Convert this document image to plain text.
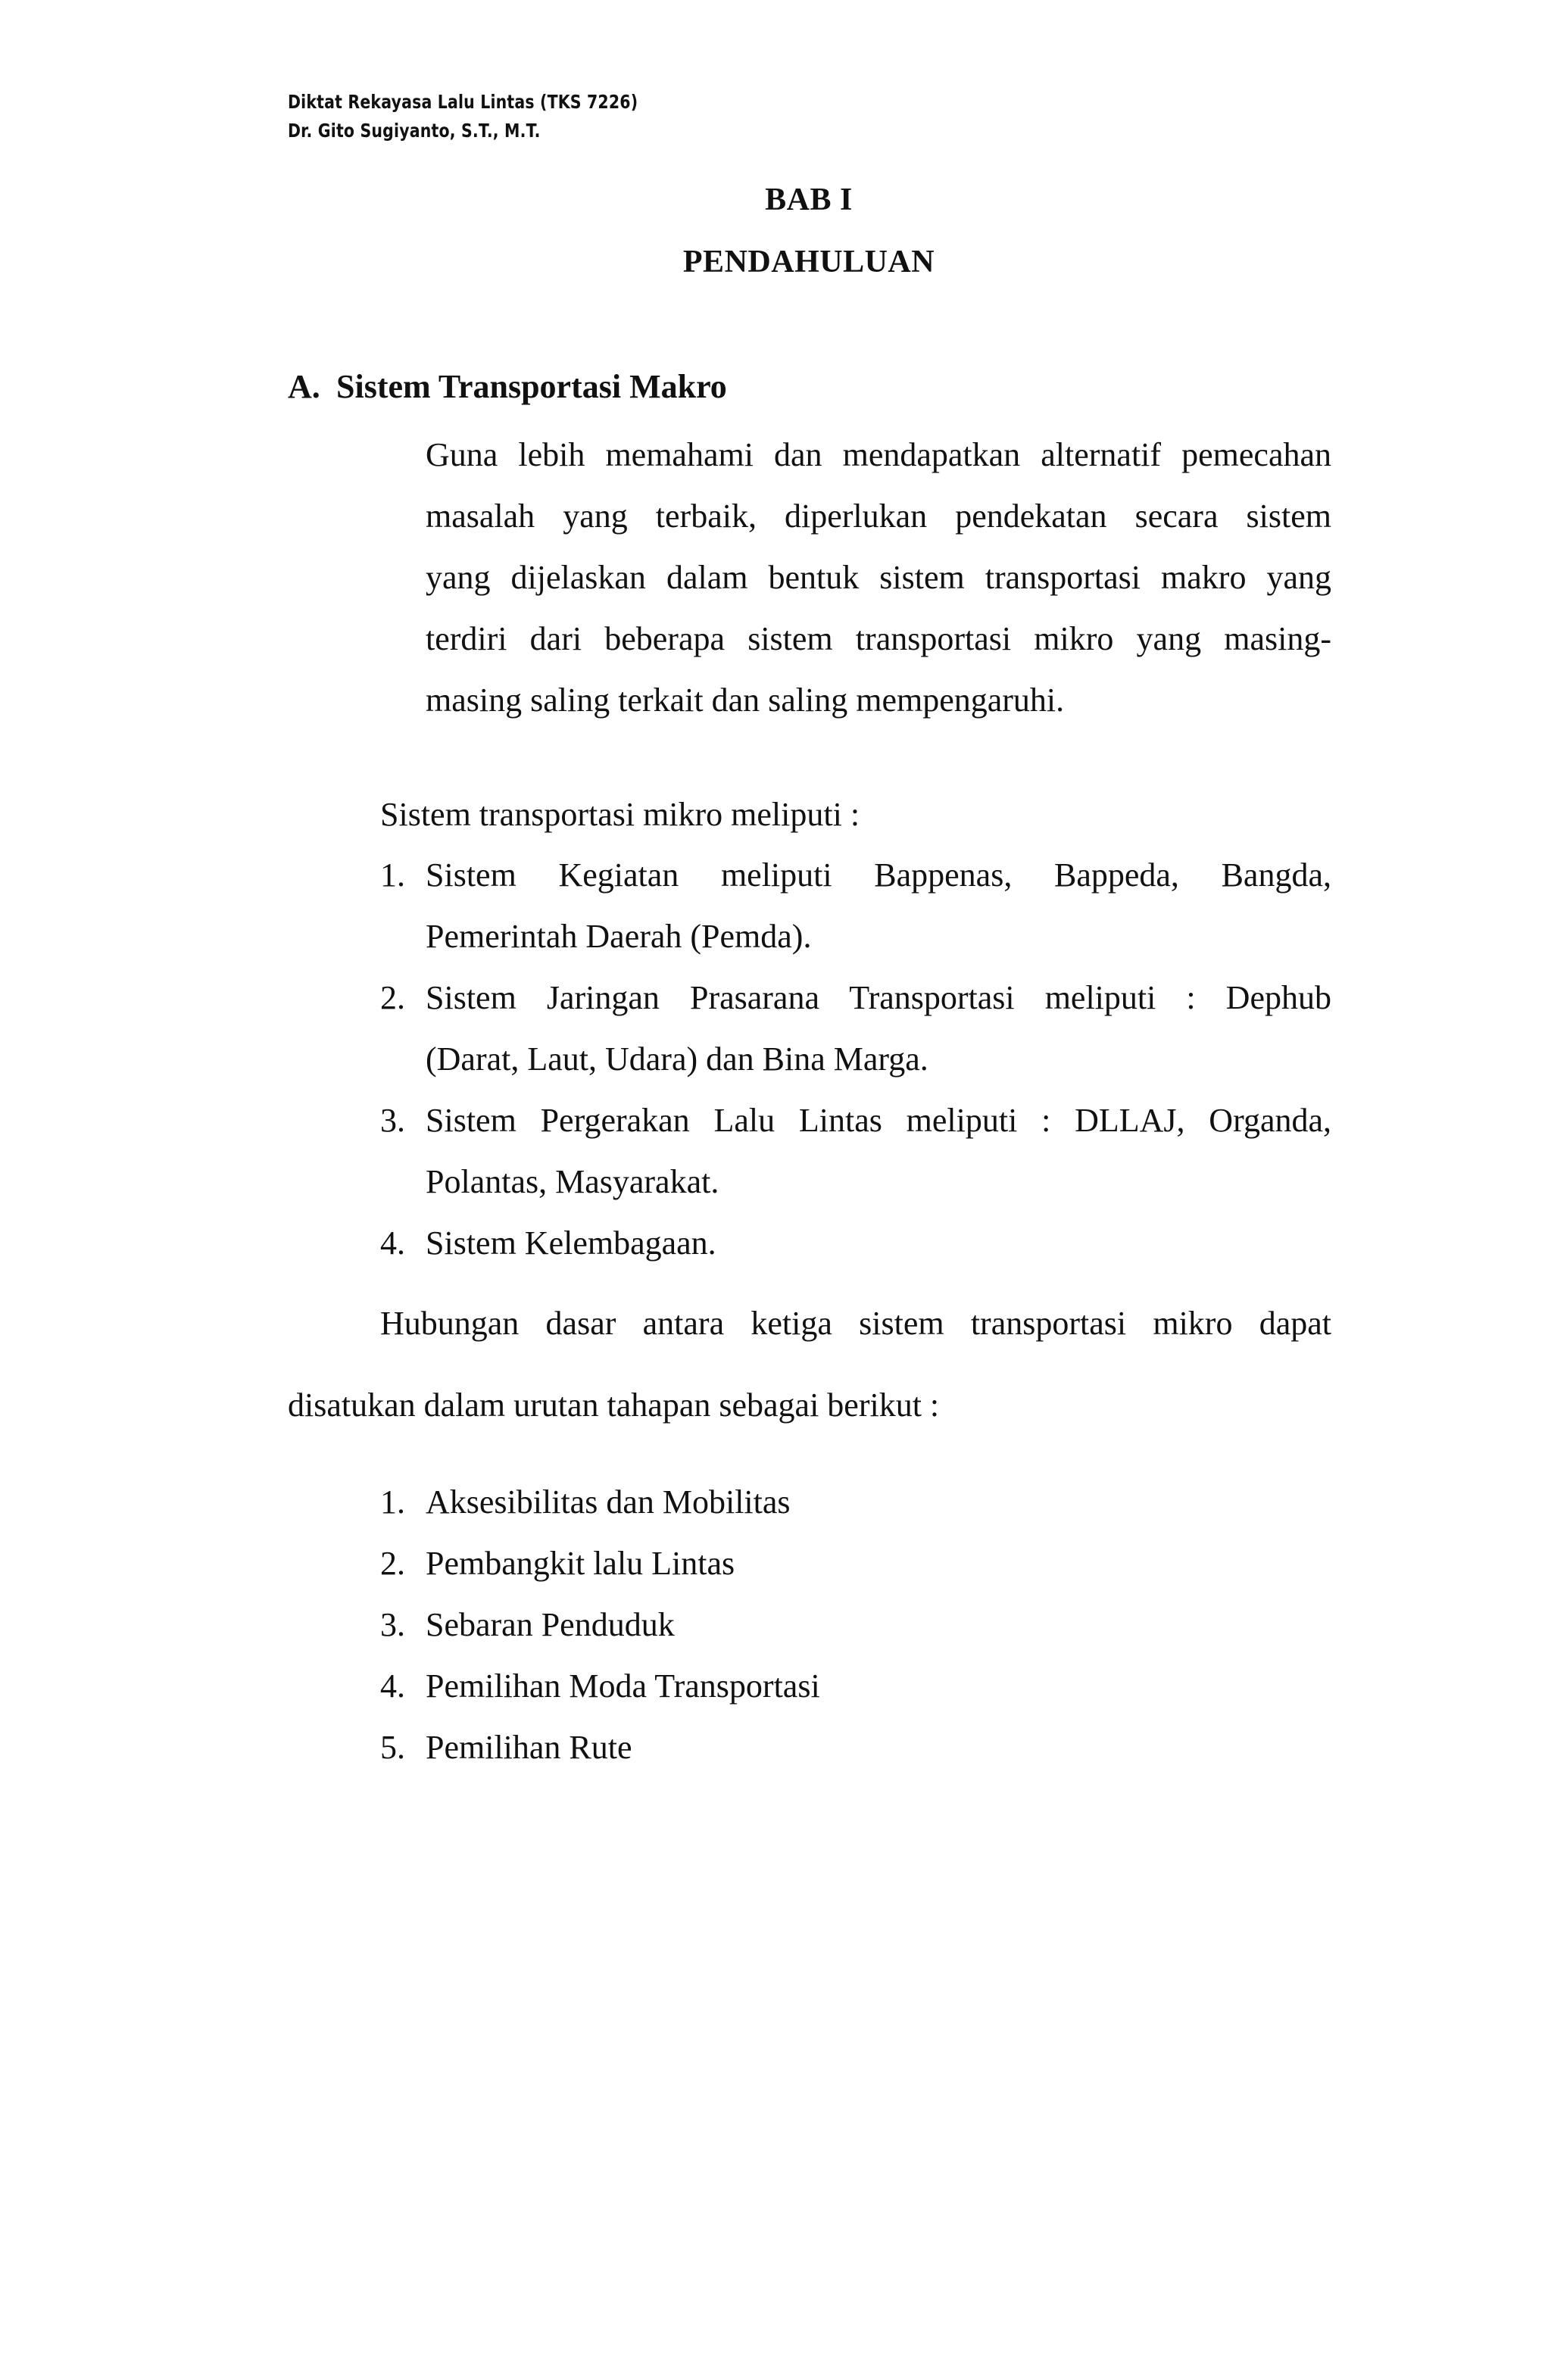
Diktat Rekayasa Lalu Lintas (TKS 7226)
Dr. Gito Sugiyanto, S.T., M.T.
BAB I
PENDAHULUAN
A. Sistem Transportasi Makro
Guna lebih memahami dan mendapatkan alternatif pemecahan
masalah yang terbaik, diperlukan pendekatan secara sistem
yang dijelaskan dalam bentuk sistem transportasi makro yang
terdiri dari beberapa sistem transportasi mikro yang masing-
masing saling terkait dan saling mempengaruhi.
Sistem transportasi mikro meliputi :
1. Sistem Kegiatan meliputi Bappenas, Bappeda, Bangda,
Pemerintah Daerah (Pemda).
2. Sistem Jaringan Prasarana Transportasi meliputi : Dephub
(Darat, Laut, Udara) dan Bina Marga.
3. Sistem Pergerakan Lalu Lintas meliputi : DLLAJ, Organda,
Polantas, Masyarakat.
4. Sistem Kelembagaan.
Hubungan dasar antara ketiga sistem transportasi mikro dapat
disatukan dalam urutan tahapan sebagai berikut :
1. Aksesibilitas dan Mobilitas
2. Pembangkit lalu Lintas
3. Sebaran Penduduk
4. Pemilihan Moda Transportasi
5. Pemilihan Rute
